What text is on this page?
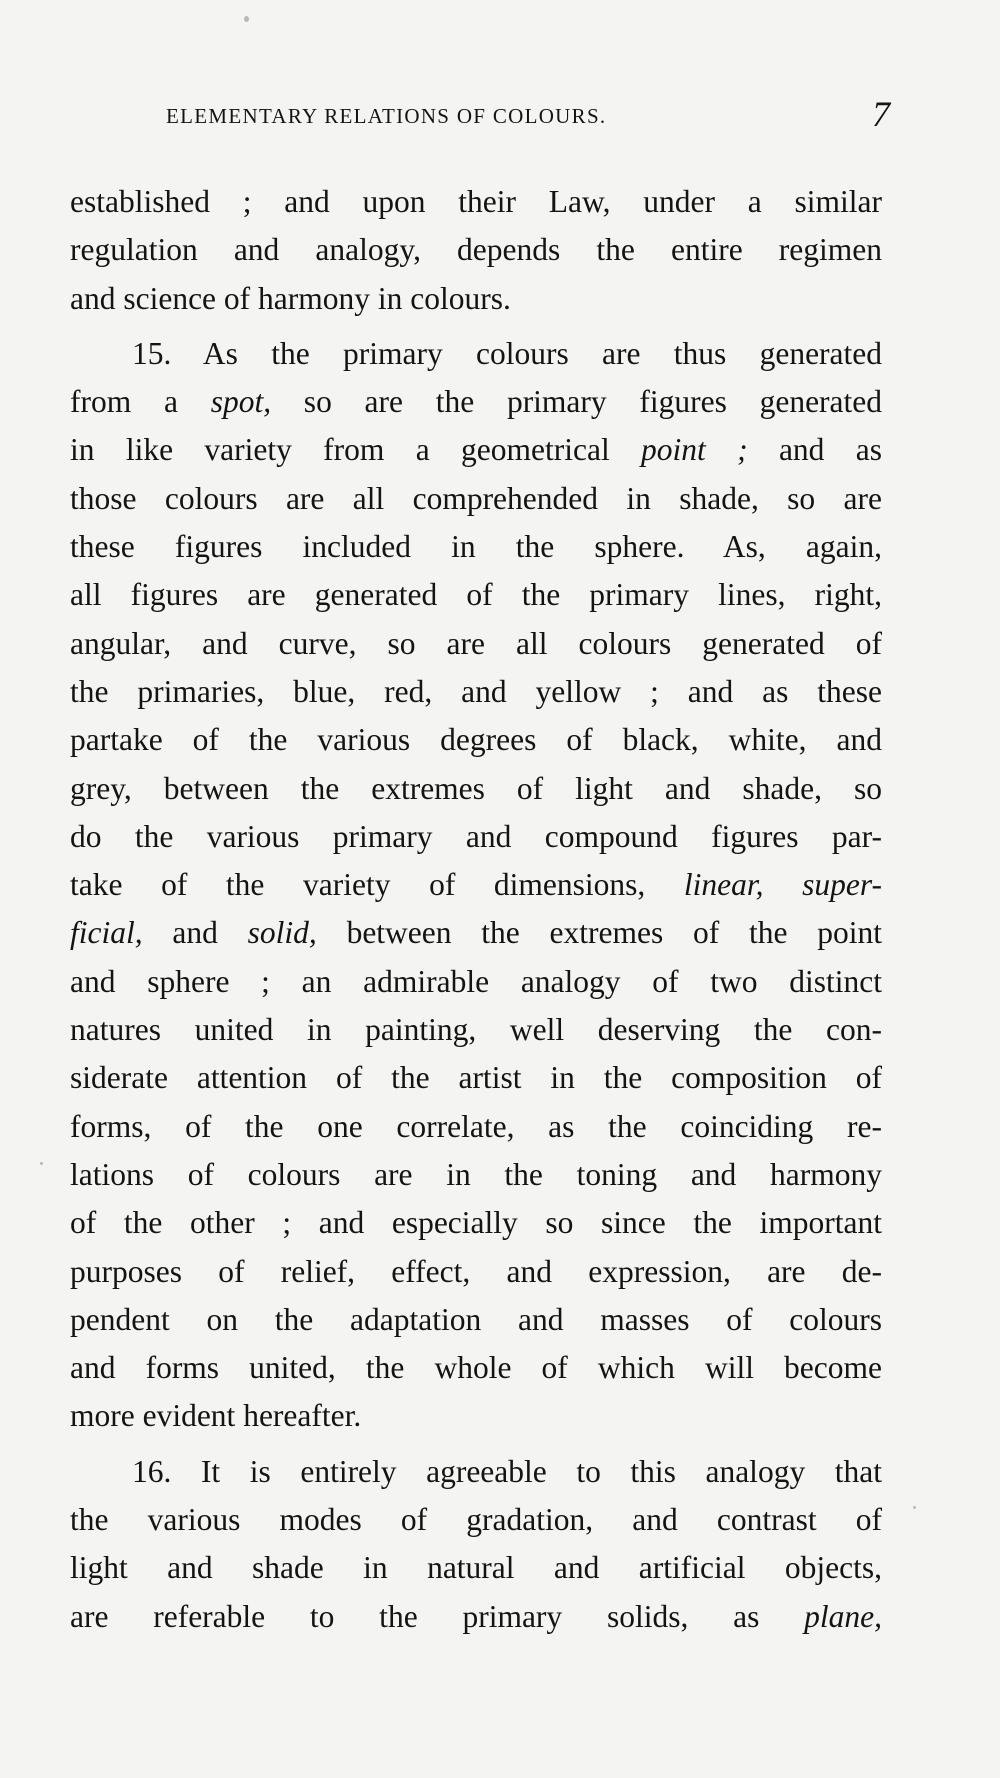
ELEMENTARY RELATIONS OF COLOURS.	7
established ; and upon their Law, under a similar
regulation and analogy, depends the entire regimen
and science of harmony in colours.
15. As the primary colours are thus generated
from a spot, so are the primary figures generated
in like variety from a geometrical point ; and as
those colours are all comprehended in shade, so are
these figures included in the sphere. As, again,
all figures are generated of the primary lines, right,
angular, and curve, so are all colours generated of
the primaries, blue, red, and yellow ; and as these
partake of the various degrees of black, white, and
grey, between the extremes of light and shade, so
do the various primary and compound figures par-
take of the variety of dimensions, linear, super-
ficial, and solid, between the extremes of the point
and sphere ; an admirable analogy of two distinct
natures united in painting, well deserving the con-
siderate attention of the artist in the composition of
forms, of the one correlate, as the coinciding re-
lations of colours are in the toning and harmony
of the other ; and especially so since the important
purposes of relief, effect, and expression, are de-
pendent on the adaptation and masses of colours
and forms united, the whole of which will become
more evident hereafter.
16. It is entirely agreeable to this analogy that
the various modes of gradation, and contrast of
light and shade in natural and artificial objects,
are referable to the primary solids, as plane,
